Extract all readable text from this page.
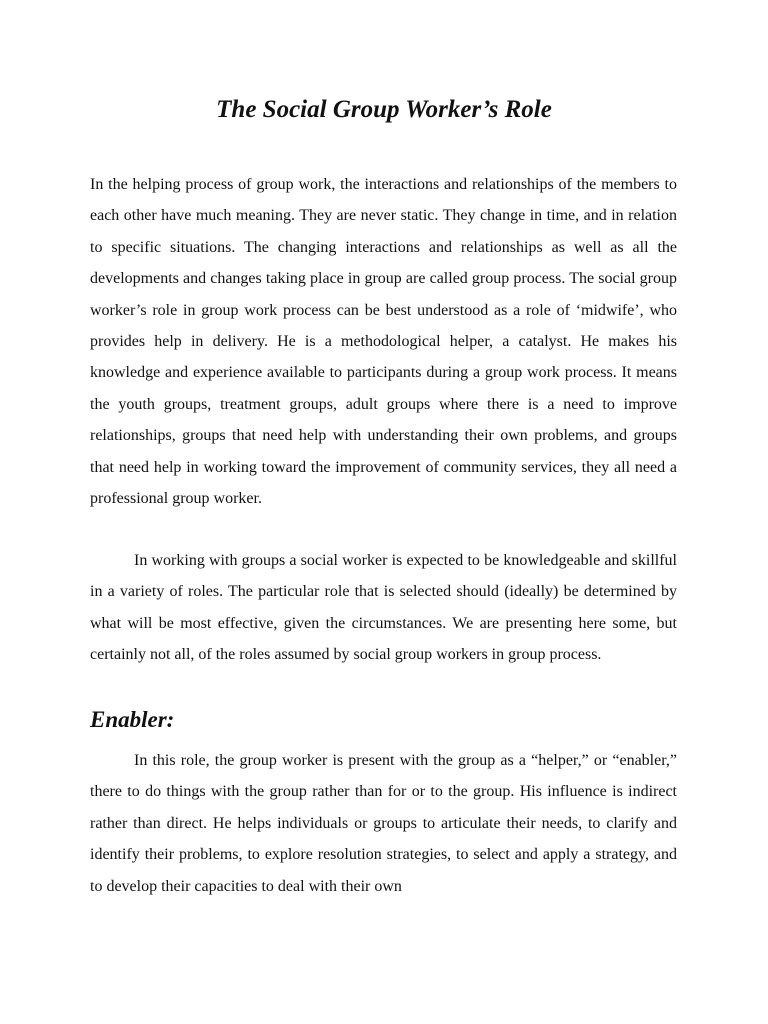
The Social Group Worker’s Role

In the helping process of group work, the interactions and relationships of the members to each other have much meaning. They are never static. They change in time, and in relation to specific situations. The changing interactions and relationships as well as all the developments and changes taking place in group are called group process. The social group worker’s role in group work process can be best understood as a role of ‘midwife’, who provides help in delivery. He is a methodological helper, a catalyst. He makes his knowledge and experience available to participants during a group work process. It means the youth groups, treatment groups, adult groups where there is a need to improve relationships, groups that need help with understanding their own problems, and groups that need help in working toward the improvement of community services, they all need a professional group worker.

In working with groups a social worker is expected to be knowledgeable and skillful in a variety of roles. The particular role that is selected should (ideally) be determined by what will be most effective, given the circumstances. We are presenting here some, but certainly not all, of the roles assumed by social group workers in group process.

Enabler:

In this role, the group worker is present with the group as a “helper,” or “enabler,” there to do things with the group rather than for or to the group. His influence is indirect rather than direct. He helps individuals or groups to articulate their needs, to clarify and identify their problems, to explore resolution strategies, to select and apply a strategy, and to develop their capacities to deal with their own
